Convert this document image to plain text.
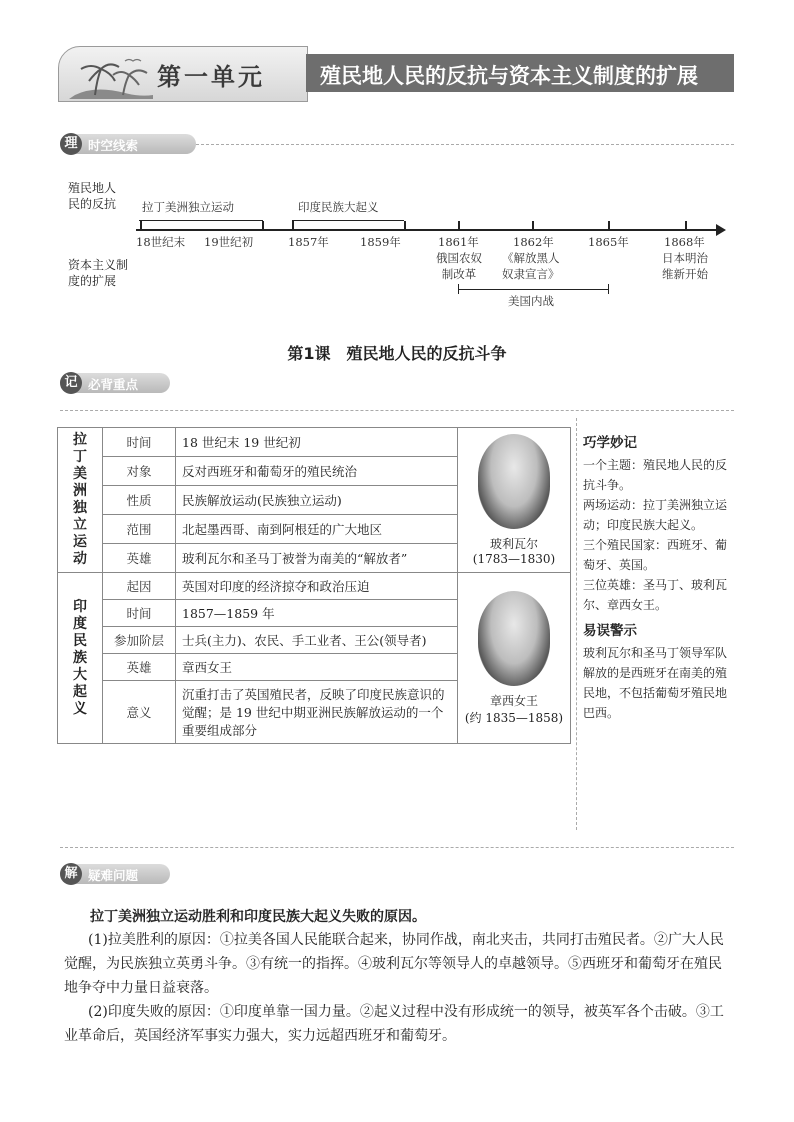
第一单元	殖民地人民的反抗与资本主义制度的扩展
理 时空线索
殖民地人
民的反抗
资本主义制
度的扩展
拉丁美洲独立运动	印度民族大起义
18世纪末 19世纪初	1857年	1859年	1861年	1862年	1865年	1868年
俄国农奴
制改革
《解放黑人
奴隶宣言》
日本明治
维新开始
美国内战
第1课　殖民地人民的反抗斗争
记 必背重点
拉丁美洲独立运动	时间	18 世纪末 19 世纪初	玻利瓦尔
(1783—1830)

	对象	反对西班牙和葡萄牙的殖民统治	
	性质	民族解放运动(民族独立运动)	
	范围	北起墨西哥、南到阿根廷的广大地区	
	英雄	玻利瓦尔和圣马丁被誉为南美的“解放者”	

印度民族大起义	起因	英国对印度的经济掠夺和政治压迫	章西女王
(约 1835—1858)

	时间	1857—1859 年	
	参加阶层	士兵(主力)、农民、手工业者、王公(领导者)	
	英雄	章西女王	
	意义	沉重打击了英国殖民者，反映了印度民族意识的觉醒；是 19 世纪中期亚洲民族解放运动的一个重要组成部分	
巧学妙记

一个主题：殖民地人民的反抗斗争。

两场运动：拉丁美洲独立运动；印度民族大起义。

三个殖民国家：西班牙、葡萄牙、英国。

三位英雄：圣马丁、玻利瓦尔、章西女王。

易误警示

玻利瓦尔和圣马丁领导军队解放的是西班牙在南美的殖民地，不包括葡萄牙殖民地巴西。

解 疑难问题
拉丁美洲独立运动胜利和印度民族大起义失败的原因。
(1)拉美胜利的原因：①拉美各国人民能联合起来，协同作战，南北夹击，共同打击殖民者。②广大人民觉醒，为民族独立英勇斗争。③有统一的指挥。④玻利瓦尔等领导人的卓越领导。⑤西班牙和葡萄牙在殖民地争夺中力量日益衰落。
(2)印度失败的原因：①印度单靠一国力量。②起义过程中没有形成统一的领导，被英军各个击破。③工业革命后，英国经济军事实力强大，实力远超西班牙和葡萄牙。
